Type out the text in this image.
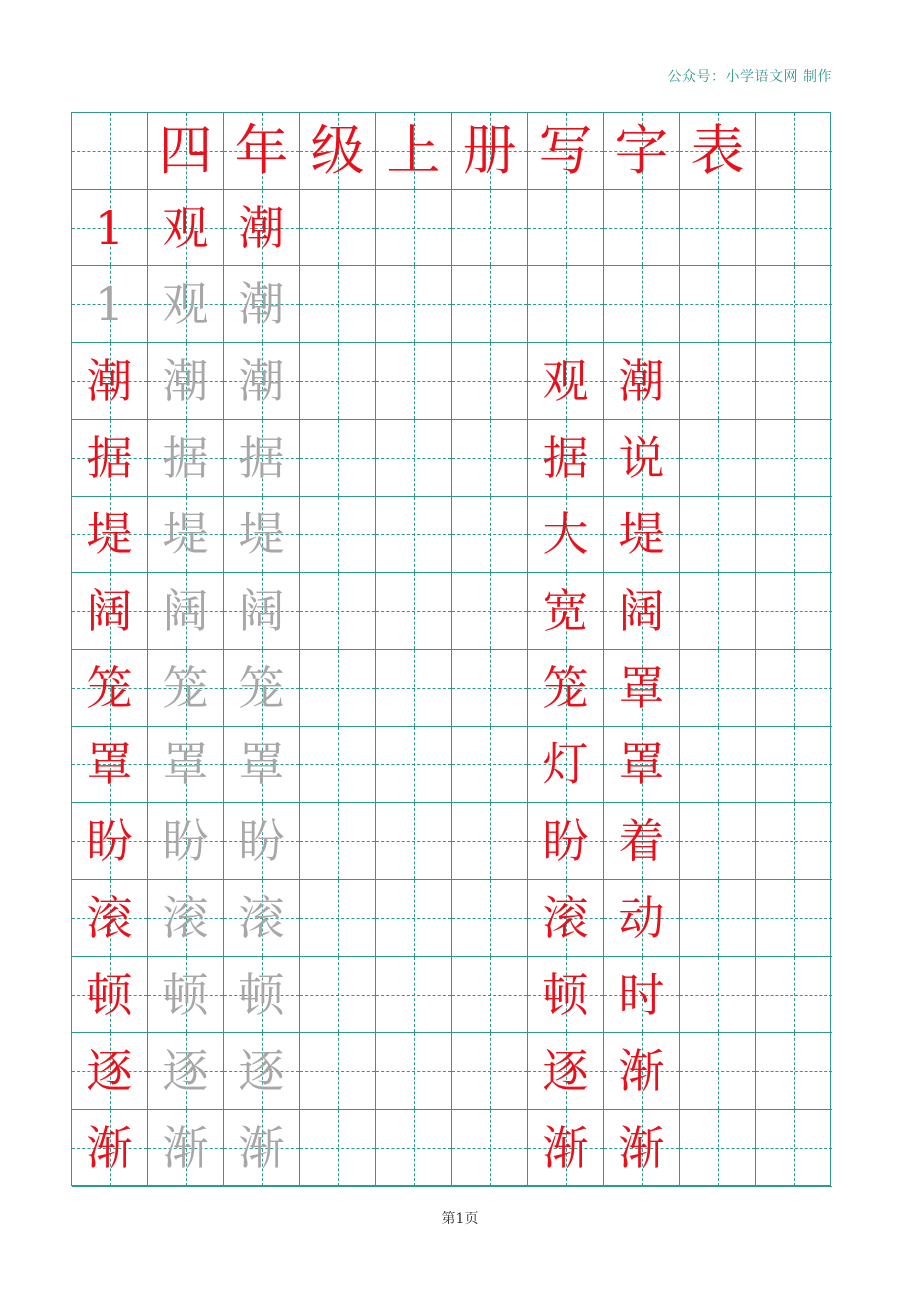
公众号：小学语文网 制作
四 年 级 上 册 写 字 表
1 观 潮
1 观 潮
潮 潮 潮	观 潮
据 据 据	据 说
堤 堤 堤	大 堤
阔 阔 阔	宽 阔
笼 笼 笼	笼 罩
罩 罩 罩	灯 罩
盼 盼 盼	盼 着
滚 滚 滚	滚 动
顿 顿 顿	顿 时
逐 逐 逐	逐 渐
渐 渐 渐	渐 渐
第1页
